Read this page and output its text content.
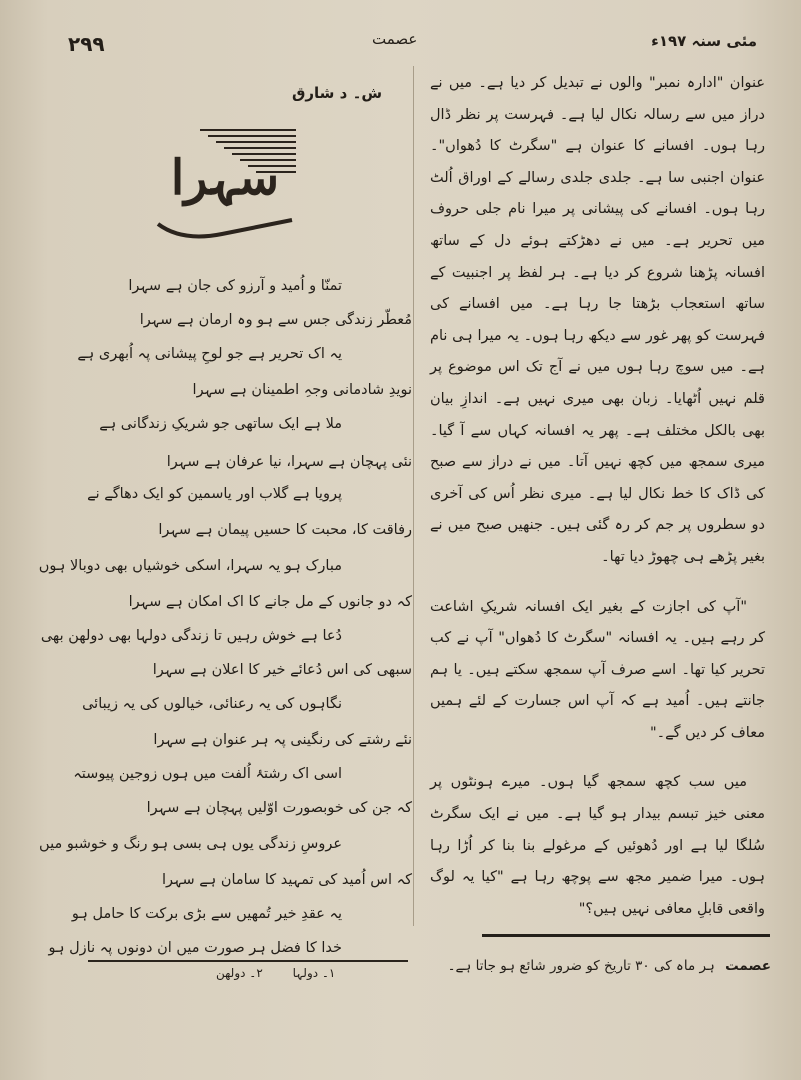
۲۹۹	عصمت	مئی سنہ ۱۹۷ء

عنوان "ادارہ نمبر" والوں نے تبدیل کر دیا ہے۔ میں نے دراز میں سے رسالہ نکال لیا ہے۔ فہرست پر نظر ڈال رہا ہوں۔ افسانے کا عنوان ہے "سگرٹ کا دُھواں"۔ عنوان اجنبی سا ہے۔ جلدی جلدی رسالے کے اوراق اُلٹ رہا ہوں۔ افسانے کی پیشانی پر میرا نام جلی حروف میں تحریر ہے۔ میں نے دھڑکتے ہوئے دل کے ساتھ افسانہ پڑھنا شروع کر دیا ہے۔ ہر لفظ پر اجنبیت کے ساتھ استعجاب بڑھتا جا رہا ہے۔ میں افسانے کی فہرست کو پھر غور سے دیکھ رہا ہوں۔ یہ میرا ہی نام ہے۔ میں سوچ رہا ہوں میں نے آج تک اس موضوع پر قلم نہیں اُٹھایا۔ زبان بھی میری نہیں ہے۔ اندازِ بیان بھی بالکل مختلف ہے۔ پھر یہ افسانہ کہاں سے آ گیا۔ میری سمجھ میں کچھ نہیں آتا۔ میں نے دراز سے صبح کی ڈاک کا خط نکال لیا ہے۔ میری نظر اُس کی آخری دو سطروں پر جم کر رہ گئی ہیں۔ جنھیں صبح میں نے بغیر پڑھے ہی چھوڑ دیا تھا۔

"آپ کی اجازت کے بغیر ایک افسانہ شریکِ اشاعت کر رہے ہیں۔ یہ افسانہ "سگرٹ کا دُھواں" آپ نے کب تحریر کیا تھا۔ اسے صرف آپ سمجھ سکتے ہیں۔ یا ہم جانتے ہیں۔ اُمید ہے کہ آپ اس جسارت کے لئے ہمیں معاف کر دیں گے۔"

میں سب کچھ سمجھ گیا ہوں۔ میرے ہونٹوں پر معنی خیز تبسم بیدار ہو گیا ہے۔ میں نے ایک سگرٹ سُلگا لیا ہے اور دُھوئیں کے مرغولے بنا بنا کر اُڑا رہا ہوں۔ میرا ضمیر مجھ سے پوچھ رہا ہے "کیا یہ لوگ واقعی قابلِ معافی نہیں ہیں؟"

ش۔ د شارق
سہرا
تمنّا و اُمید و آرزو کی جان ہے سہرا
مُعطّر زندگی جس سے ہو وہ ارمان ہے سہرا
یہ اک تحریر ہے جو لوحِ پیشانی پہ اُبھری ہے
نویدِ شادمانی وجہِ اطمینان ہے سہرا
ملا ہے ایک ساتھی جو شریکِ زندگانی ہے
نئی پہچان ہے سہرا، نیا عرفان ہے سہرا
پرویا ہے گلاب اور یاسمین کو ایک دھاگے نے
رفاقت کا، محبت کا حسیں پیمان ہے سہرا
مبارک ہو یہ سہرا، اسکی خوشیاں بھی دوبالا ہوں
کہ دو جانوں کے مل جانے کا اک امکان ہے سہرا
دُعا ہے خوش رہیں تا زندگی دولہا بھی دولھن بھی
سبھی کی اس دُعائے خیر کا اعلان ہے سہرا
نگاہوں کی یہ رعنائی، خیالوں کی یہ زیبائی
نئے رشتے کی رنگینی پہ ہر عنوان ہے سہرا
اسی اک رشتۂ اُلفت میں ہوں زوجین پیوستہ
کہ جن کی خوبصورت اوّلیں پہچان ہے سہرا
عروسِ زندگی یوں ہی بسی ہو رنگ و خوشبو میں
کہ اس اُمید کی تمہید کا سامان ہے سہرا
یہ عقدِ خیر تُمھیں سے بڑی برکت کا حامل ہو
خدا کا فضل ہر صورت میں ان دونوں پہ نازل ہو
۱۔ دولہا ۲۔ دولھن	عصمت ہر ماہ کی ۳۰ تاریخ کو ضرور شائع ہو جاتا ہے۔
